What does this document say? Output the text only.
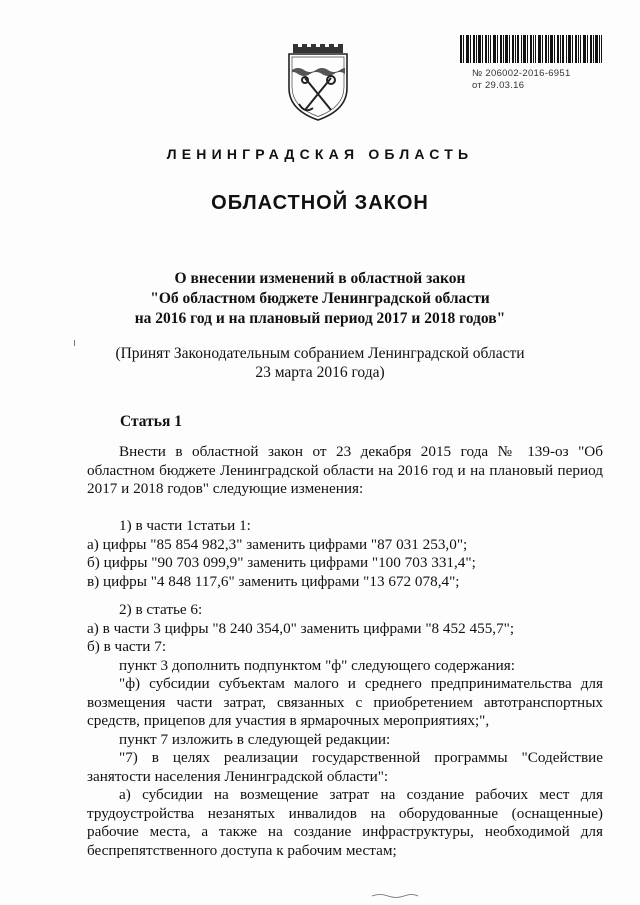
№ 206002-2016-6951
от 29.03.16
ЛЕНИНГРАДСКАЯ ОБЛАСТЬ
ОБЛАСТНОЙ ЗАКОН
О внесении изменений в областной закон
"Об областном бюджете Ленинградской области
на 2016 год и на плановый период 2017 и 2018 годов"
(Принят Законодательным собранием Ленинградской области
23 марта 2016 года)
Статья 1
Внести в областной закон от 23 декабря 2015 года № 139-оз "Об областном бюджете Ленинградской области на 2016 год и на плановый период 2017 и 2018 годов" следующие изменения:
1) в части 1статьи 1:
а) цифры "85 854 982,3" заменить цифрами "87 031 253,0";
б) цифры "90 703 099,9" заменить цифрами "100 703 331,4";
в) цифры "4 848 117,6" заменить цифрами "13 672 078,4";
2) в статье 6:
а) в части 3 цифры "8 240 354,0" заменить цифрами "8 452 455,7";
б) в части 7:
пункт 3 дополнить подпунктом "ф" следующего содержания:
"ф) субсидии субъектам малого и среднего предпринимательства для возмещения части затрат, связанных с приобретением автотранспортных средств, прицепов для участия в ярмарочных мероприятиях;",
пункт 7 изложить в следующей редакции:
"7) в целях реализации государственной программы "Содействие занятости населения Ленинградской области":
а) субсидии на возмещение затрат на создание рабочих мест для трудоустройства незанятых инвалидов на оборудованные (оснащенные) рабочие места, а также на создание инфраструктуры, необходимой для беспрепятственного доступа к рабочим местам;
